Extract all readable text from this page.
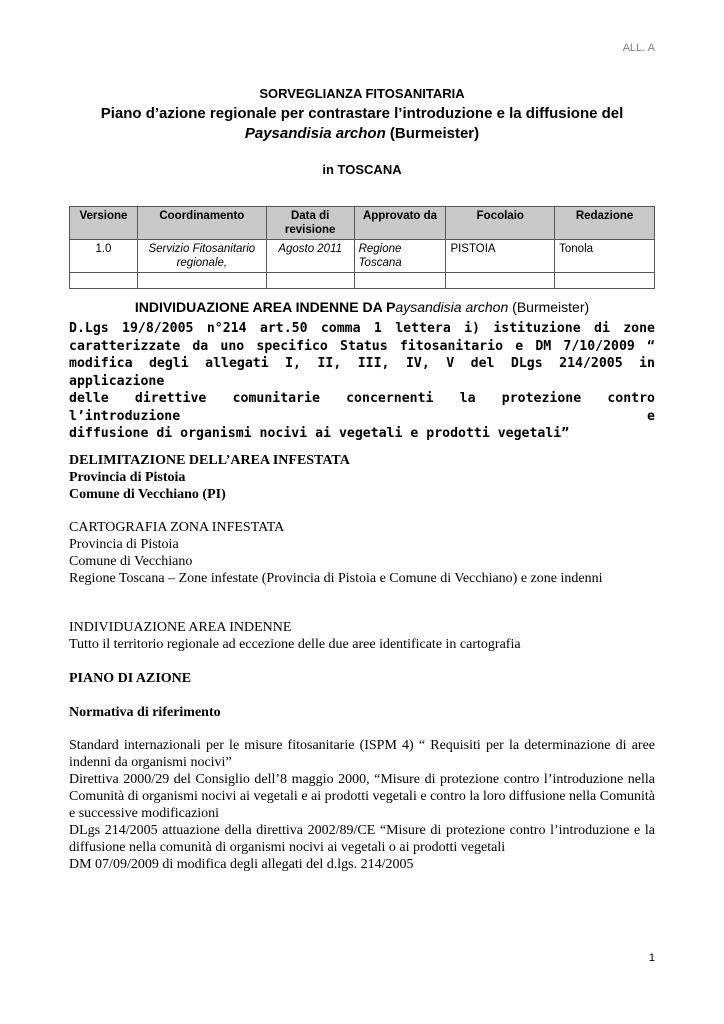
ALL. A
SORVEGLIANZA FITOSANITARIA
Piano d’azione regionale per contrastare l’introduzione e la diffusione del
Paysandisia archon (Burmeister)
in TOSCANA
Versione	Coordinamento	Data di revisione	Approvato da	Focolaio	Redazione
1.0	Servizio Fitosanitario regionale,	Agosto 2011	Regione Toscana	PISTOIA	Tonola

INDIVIDUAZIONE AREA INDENNE DA Paysandisia archon (Burmeister)
D.Lgs 19/8/2005 n°214 art.50 comma 1 lettera i) istituzione di zone
caratterizzate da uno specifico Status fitosanitario e DM 7/10/2009 “
modifica degli allegati I, II, III, IV, V del DLgs 214/2005 in applicazione
delle direttive comunitarie concernenti la protezione contro l’introduzione e
diffusione di organismi nocivi ai vegetali e prodotti vegetali”
DELIMITAZIONE DELL’AREA INFESTATA
Provincia di Pistoia
Comune di Vecchiano (PI)
CARTOGRAFIA ZONA INFESTATA
Provincia di Pistoia
Comune di Vecchiano
Regione Toscana – Zone infestate (Provincia di Pistoia e Comune di Vecchiano) e zone indenni
INDIVIDUAZIONE AREA INDENNE
Tutto il territorio regionale ad eccezione delle due aree identificate in cartografia
PIANO DI AZIONE
Normativa di riferimento
Standard internazionali per le misure fitosanitarie (ISPM 4) “ Requisiti per la determinazione di aree indenni da organismi nocivi”
Direttiva 2000/29 del Consiglio dell’8 maggio 2000, “Misure di protezione contro l’introduzione nella Comunità di organismi nocivi ai vegetali e ai prodotti vegetali e contro la loro diffusione nella Comunità e successive modificazioni
DLgs 214/2005 attuazione della direttiva 2002/89/CE “Misure di protezione contro l’introduzione e la diffusione nella comunità di organismi nocivi ai vegetali o ai prodotti vegetali
DM 07/09/2009 di modifica degli allegati del d.lgs. 214/2005
1
